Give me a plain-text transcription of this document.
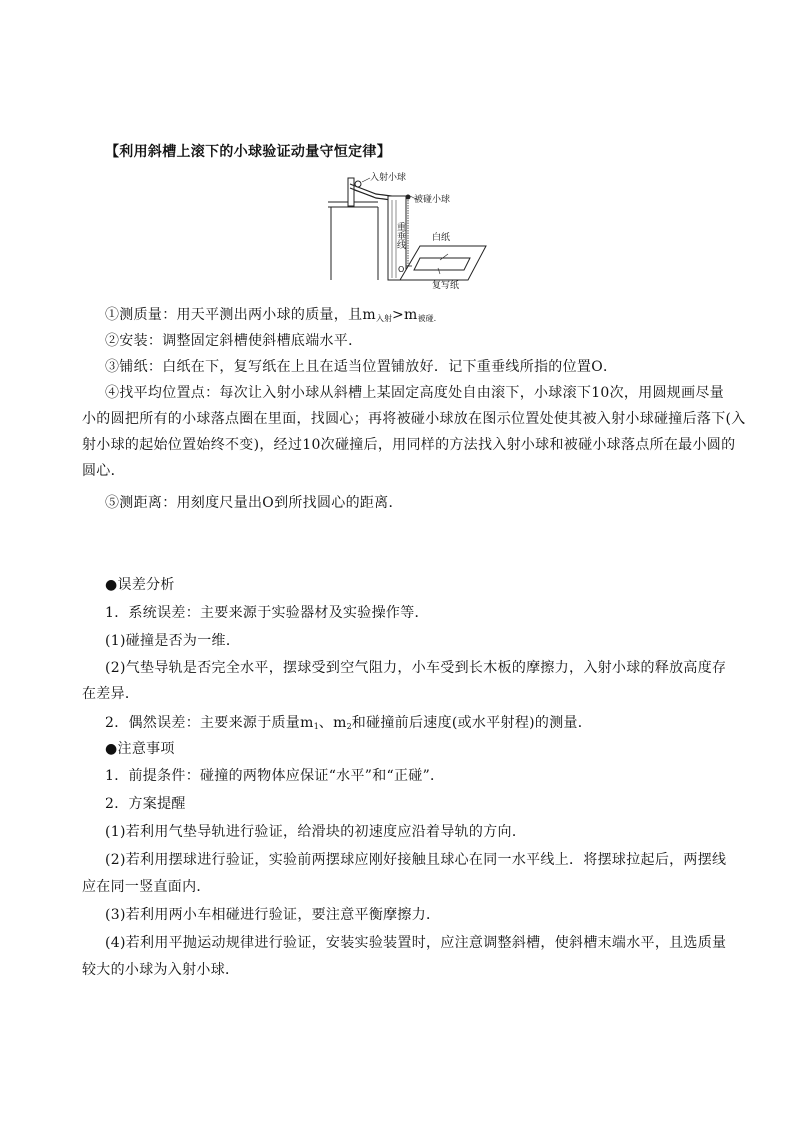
【利用斜槽上滚下的小球验证动量守恒定律】
入射小球
被碰小球
白纸
O
复写纸
重垂线
①测质量：用天平测出两小球的质量，且$m_{入射}>m_{被碰.}$
②安装：调整固定斜槽使斜槽底端水平．
③铺纸：白纸在下，复写纸在上且在适当位置铺放好．记下重垂线所指的位置O．
④找平均位置点：每次让入射小球从斜槽上某固定高度处自由滚下，小球滚下10次，用圆规画尽量
小的圆把所有的小球落点圈在里面，找圆心；再将被碰小球放在图示位置处使其被入射小球碰撞后落下(入
射小球的起始位置始终不变)，经过10次碰撞后，用同样的方法找入射小球和被碰小球落点所在最小圆的
圆心．
⑤测距离：用刻度尺量出O到所找圆心的距离．
●误差分析
1．系统误差：主要来源于实验器材及实验操作等．
(1)碰撞是否为一维．
(2)气垫导轨是否完全水平，摆球受到空气阻力，小车受到长木板的摩擦力，入射小球的释放高度存
在差异．
2．偶然误差：主要来源于质量$m_1$、$m_2$和碰撞前后速度(或水平射程)的测量．
●注意事项
1．前提条件：碰撞的两物体应保证“水平”和“正碰”．
2．方案提醒
(1)若利用气垫导轨进行验证，给滑块的初速度应沿着导轨的方向．
(2)若利用摆球进行验证，实验前两摆球应刚好接触且球心在同一水平线上．将摆球拉起后，两摆线
应在同一竖直面内．
(3)若利用两小车相碰进行验证，要注意平衡摩擦力．
(4)若利用平抛运动规律进行验证，安装实验装置时，应注意调整斜槽，使斜槽末端水平，且选质量
较大的小球为入射小球．
